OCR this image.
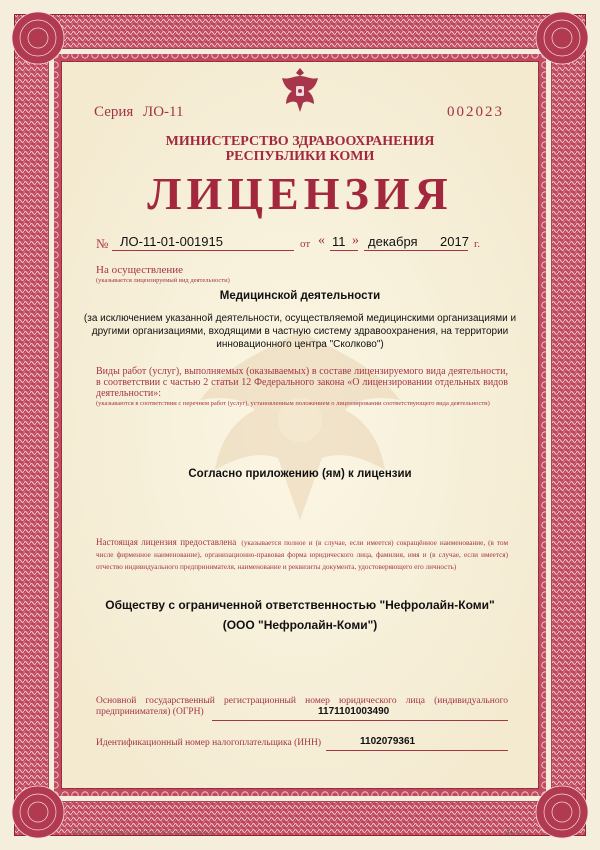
Серия ЛО-11	002023
МИНИСТЕРСТВО ЗДРАВООХРАНЕНИЯ
РЕСПУБЛИКИ КОМИ
ЛИЦЕНЗИЯ
№ ЛО-11-01-001915	от « 11 » декабря 2017 г.
На осуществление
(указывается лицензируемый вид деятельности)
Медицинской деятельности
(за исключением указанной деятельности, осуществляемой медицинскими организациями и другими организациями, входящими в частную систему здравоохранения, на территории инновационного центра "Сколково")
Виды работ (услуг), выполняемых (оказываемых) в составе лицензируемого вида деятельности, в соответствии с частью 2 статьи 12 Федерального закона «О лицензировании отдельных видов деятельности»:
(указываются в соответствии с перечнем работ (услуг), установленным положением о лицензировании соответствующего вида деятельности)
Согласно приложению (ям) к лицензии
Настоящая лицензия предоставлена (указывается полное и (в случае, если имеется) сокращённое наименование, (в том числе фирменное наименование), организационно-правовая форма юридического лица, фамилия, имя и (в случае, если имеется) отчество индивидуального предпринимателя, наименование и реквизиты документа, удостоверяющего его личность)
Обществу с ограниченной ответственностью "Нефролайн-Коми"
(ООО "Нефролайн-Коми")
Основной государственный регистрационный номер юридического лица (индивидуального предпринимателя) (ОГРН)	1171101003490
Идентификационный номер налогоплательщика (ИНН)	1102079361
ООО «НТП "Информ"», г. Москва, 2017 год, «уровень» Б	А4160
